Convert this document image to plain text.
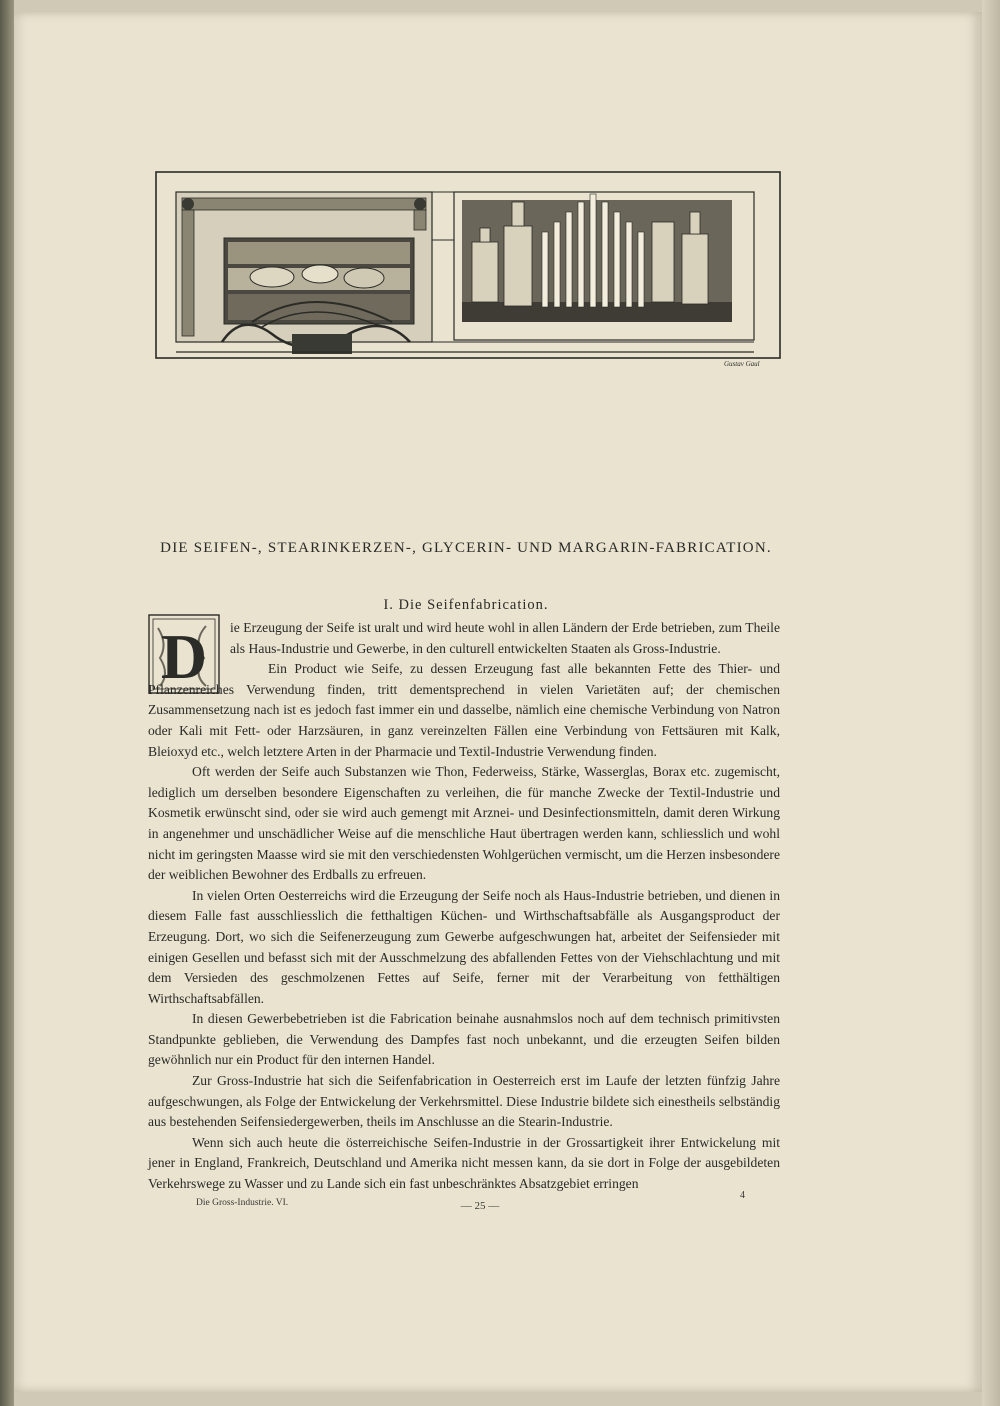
Gustav Gaul
DIE SEIFEN-, STEARINKERZEN-, GLYCERIN- UND MARGARIN-FABRICATION.
I. Die Seifenfabrication.
D	ie Erzeugung der Seife ist uralt und wird heute wohl in allen Ländern der Erde betrieben, zum Theile als Haus-Industrie und Gewerbe, in den culturell entwickelten Staaten als Gross-Industrie.

Ein Product wie Seife, zu dessen Erzeugung fast alle bekannten Fette des Thier- und Pflanzenreiches Verwendung finden, tritt dementsprechend in vielen Varietäten auf; der chemischen Zusammensetzung nach ist es jedoch fast immer ein und dasselbe, nämlich eine chemische Verbindung von Natron oder Kali mit Fett- oder Harzsäuren, in ganz vereinzelten Fällen eine Verbindung von Fettsäuren mit Kalk, Bleioxyd etc., welch letztere Arten in der Pharmacie und Textil-Industrie Verwendung finden.

Oft werden der Seife auch Substanzen wie Thon, Federweiss, Stärke, Wasserglas, Borax etc. zugemischt, lediglich um derselben besondere Eigenschaften zu verleihen, die für manche Zwecke der Textil-Industrie und Kosmetik erwünscht sind, oder sie wird auch gemengt mit Arznei- und Desinfectionsmitteln, damit deren Wirkung in angenehmer und unschädlicher Weise auf die menschliche Haut übertragen werden kann, schliesslich und wohl nicht im geringsten Maasse wird sie mit den verschiedensten Wohlgerüchen vermischt, um die Herzen insbesondere der weiblichen Bewohner des Erdballs zu erfreuen.

In vielen Orten Oesterreichs wird die Erzeugung der Seife noch als Haus-Industrie betrieben, und dienen in diesem Falle fast ausschliesslich die fetthaltigen Küchen- und Wirthschaftsabfälle als Ausgangsproduct der Erzeugung. Dort, wo sich die Seifenerzeugung zum Gewerbe aufgeschwungen hat, arbeitet der Seifensieder mit einigen Gesellen und befasst sich mit der Ausschmelzung des abfallenden Fettes von der Viehschlachtung und mit dem Versieden des geschmolzenen Fettes auf Seife, ferner mit der Verarbeitung von fetthältigen Wirthschaftsabfällen.

In diesen Gewerbebetrieben ist die Fabrication beinahe ausnahmslos noch auf dem technisch primitivsten Standpunkte geblieben, die Verwendung des Dampfes fast noch unbekannt, und die erzeugten Seifen bilden gewöhnlich nur ein Product für den internen Handel.

Zur Gross-Industrie hat sich die Seifenfabrication in Oesterreich erst im Laufe der letzten fünfzig Jahre aufgeschwungen, als Folge der Entwickelung der Verkehrsmittel. Diese Industrie bildete sich einestheils selbständig aus bestehenden Seifensiedergewerben, theils im Anschlusse an die Stearin-Industrie.

Wenn sich auch heute die österreichische Seifen-Industrie in der Grossartigkeit ihrer Entwickelung mit jener in England, Frankreich, Deutschland und Amerika nicht messen kann, da sie dort in Folge der ausgebildeten Verkehrswege zu Wasser und zu Lande sich ein fast unbeschränktes Absatzgebiet erringen

Die Gross-Industrie. VI.	— 25 —
4
